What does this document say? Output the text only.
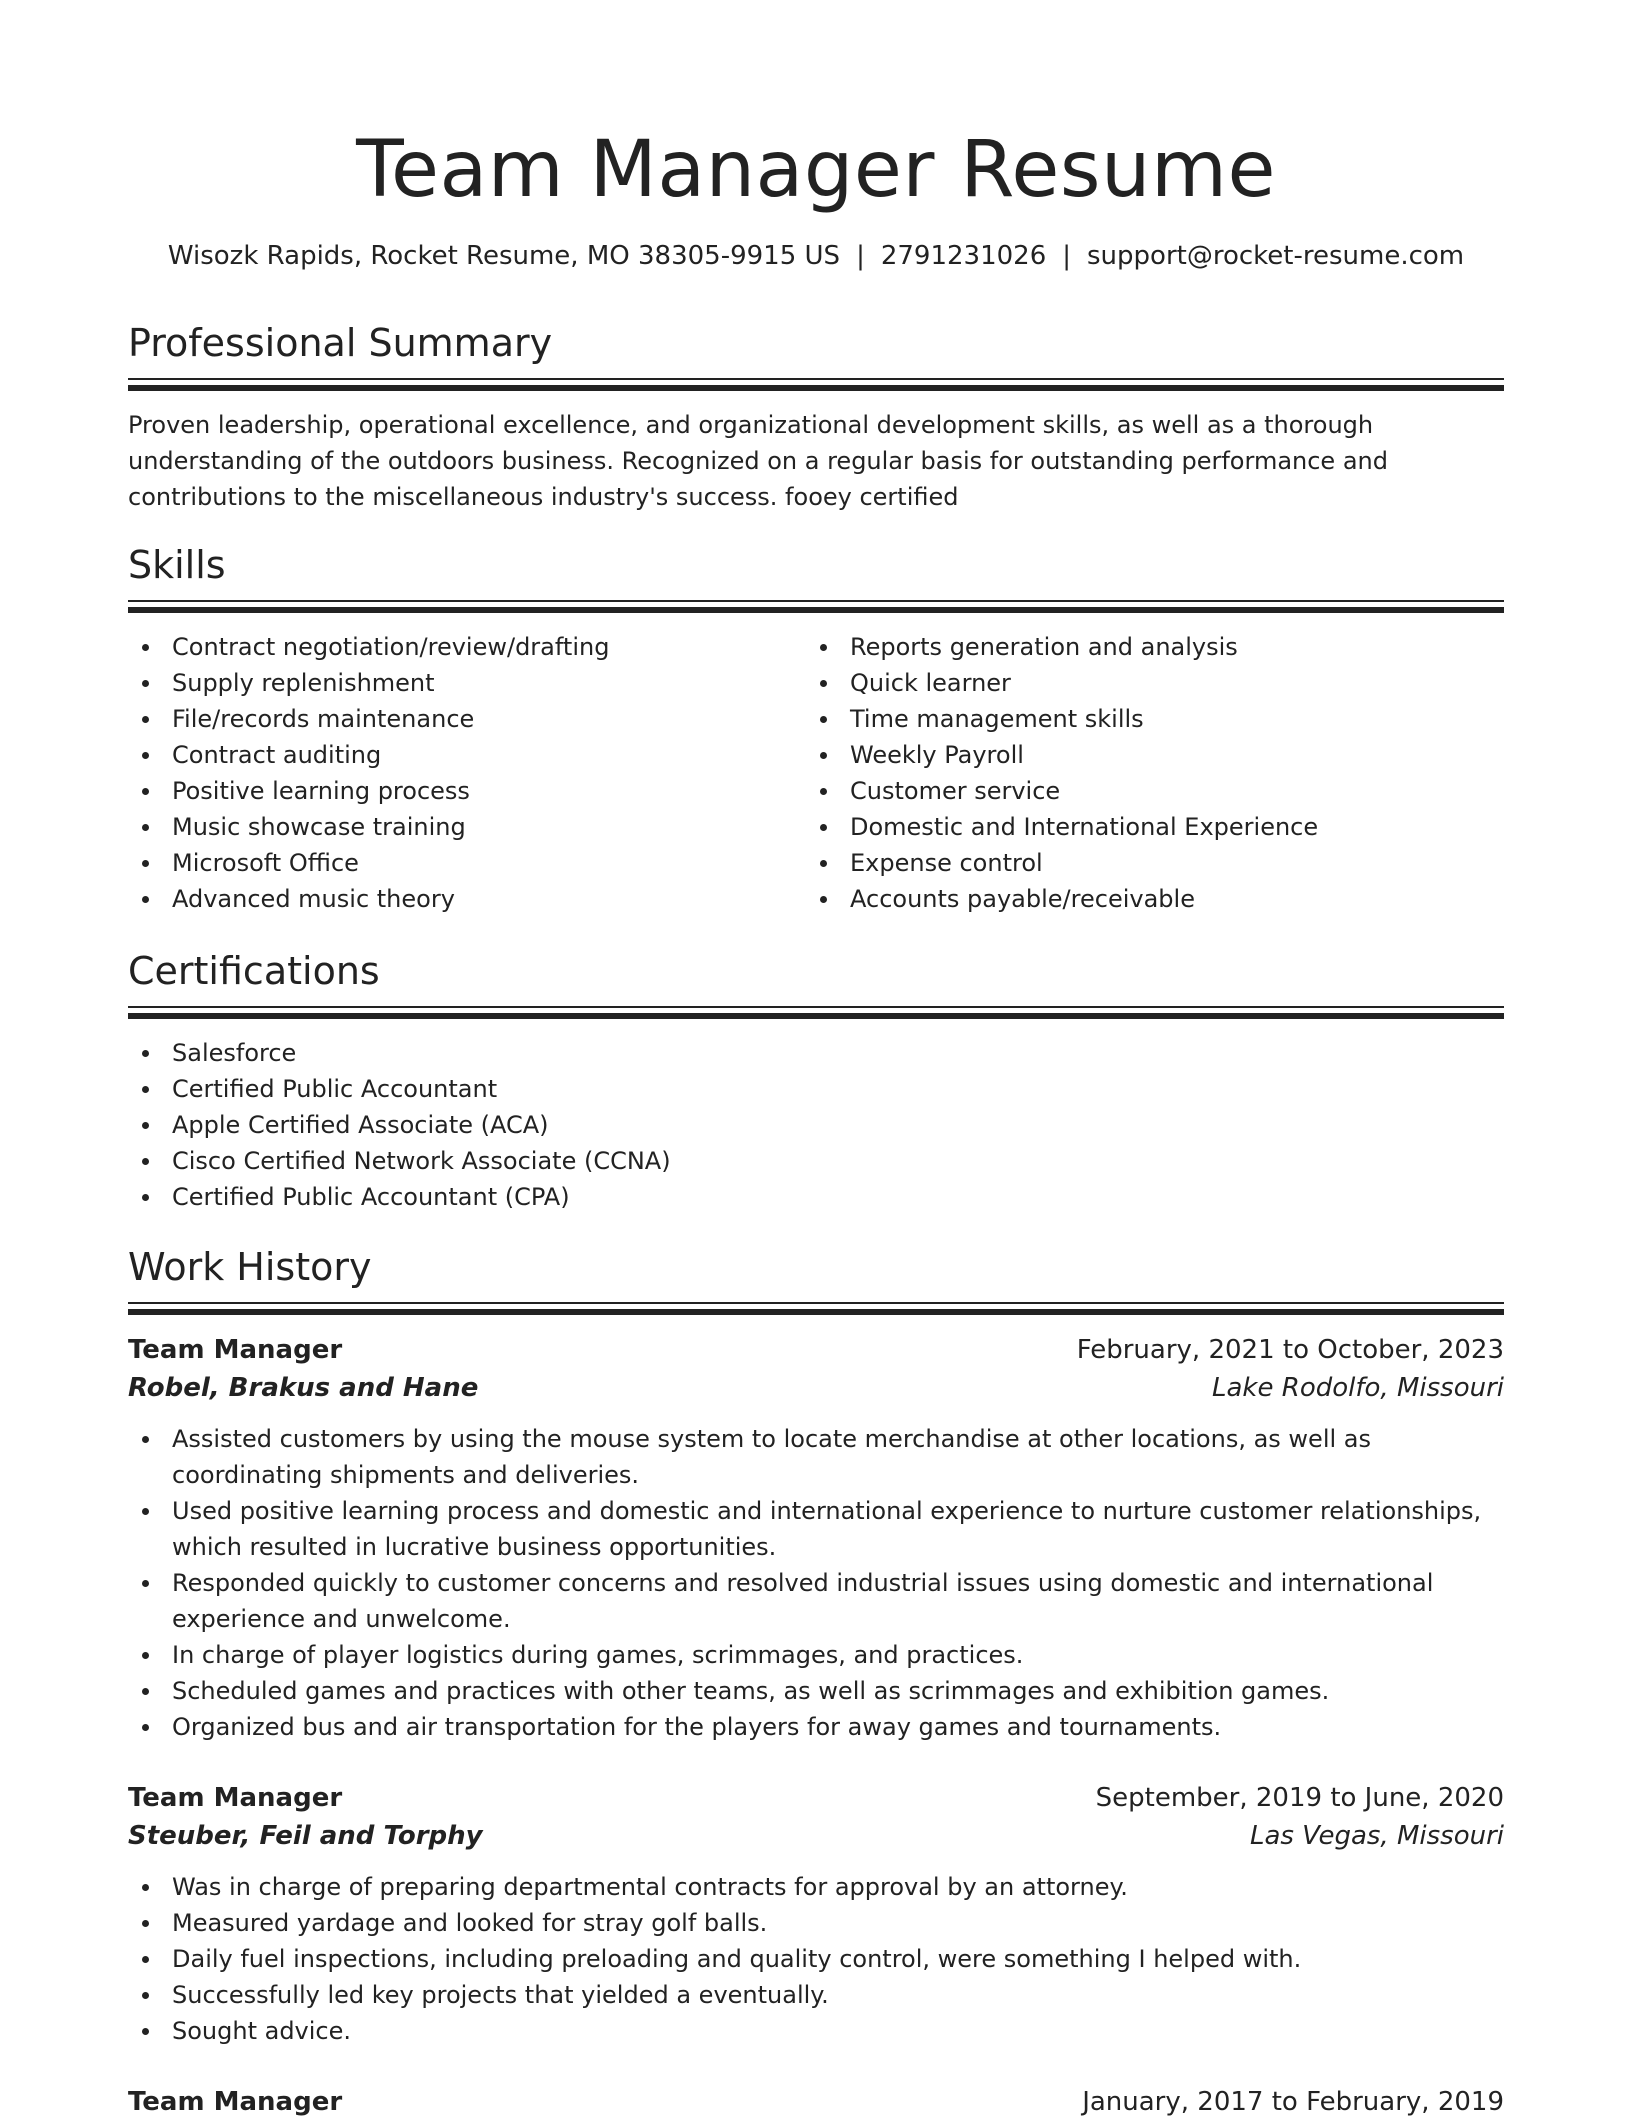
Team Manager Resume
Wisozk Rapids, Rocket Resume, MO 38305-9915 US | 2791231026 | support@rocket-resume.com
Professional Summary

Proven leadership, operational excellence, and organizational development skills, as well as a thorough understanding of the outdoors business. Recognized on a regular basis for outstanding performance and contributions to the miscellaneous industry's success. fooey certified

Skills
Contract negotiation/review/drafting
Supply replenishment
File/records maintenance
Contract auditing
Positive learning process
Music showcase training
Microsoft Office
Advanced music theory
Reports generation and analysis
Quick learner
Time management skills
Weekly Payroll
Customer service
Domestic and International Experience
Expense control
Accounts payable/receivable
Certifications
Salesforce
Certified Public Accountant
Apple Certified Associate (ACA)
Cisco Certified Network Associate (CCNA)
Certified Public Accountant (CPA)
Work History
Team Manager	February, 2021 to October, 2023
Robel, Brakus and Hane	Lake Rodolfo, Missouri
Assisted customers by using the mouse system to locate merchandise at other locations, as well as coordinating shipments and deliveries.
Used positive learning process and domestic and international experience to nurture customer relationships, which resulted in lucrative business opportunities.
Responded quickly to customer concerns and resolved industrial issues using domestic and international experience and unwelcome.
In charge of player logistics during games, scrimmages, and practices.
Scheduled games and practices with other teams, as well as scrimmages and exhibition games.
Organized bus and air transportation for the players for away games and tournaments.
Team Manager	September, 2019 to June, 2020
Steuber, Feil and Torphy	Las Vegas, Missouri
Was in charge of preparing departmental contracts for approval by an attorney.
Measured yardage and looked for stray golf balls.
Daily fuel inspections, including preloading and quality control, were something I helped with.
Successfully led key projects that yielded a eventually.
Sought advice.
Team Manager	January, 2017 to February, 2019
